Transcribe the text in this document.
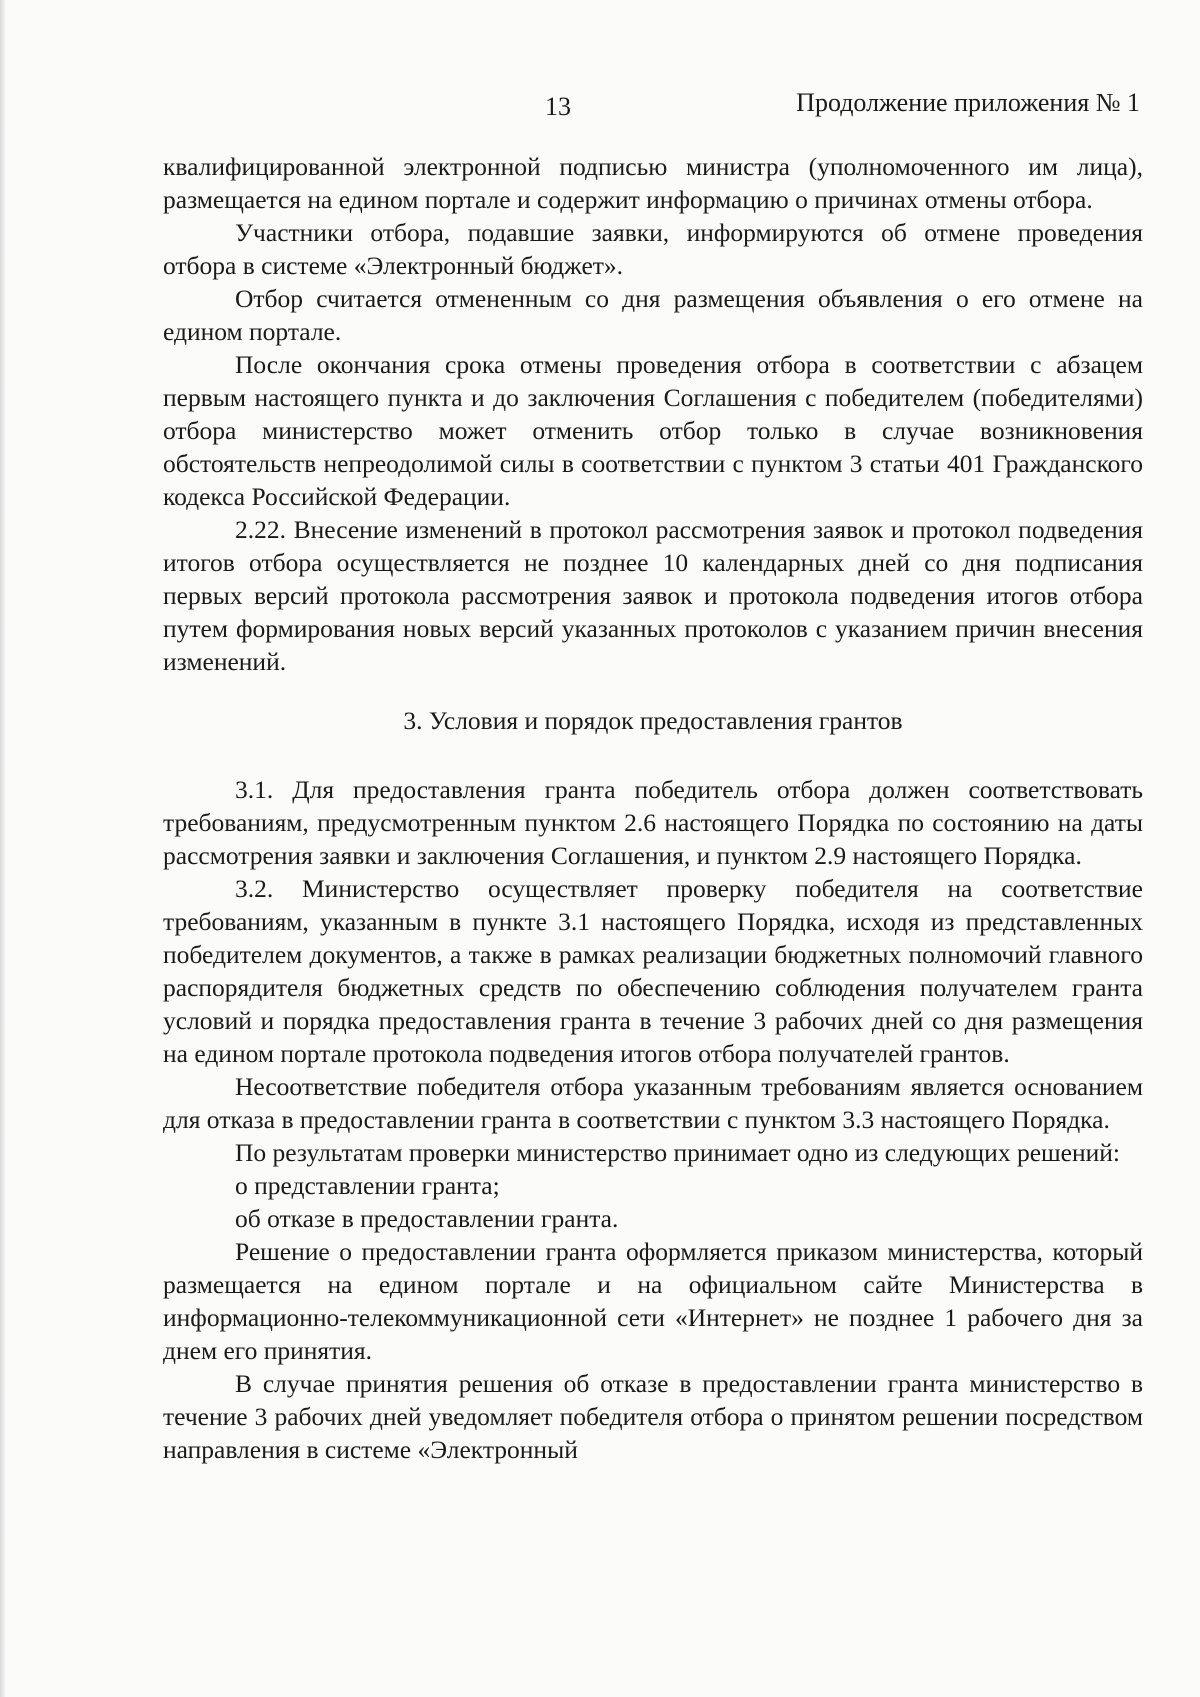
13	Продолжение приложения № 1

квалифицированной электронной подписью министра (уполномоченного им лица), размещается на едином портале и содержит информацию о причинах отмены отбора.

Участники отбора, подавшие заявки, информируются об отмене проведения отбора в системе «Электронный бюджет».

Отбор считается отмененным со дня размещения объявления о его отмене на едином портале.

После окончания срока отмены проведения отбора в соответствии с абзацем первым настоящего пункта и до заключения Соглашения с победителем (победителями) отбора министерство может отменить отбор только в случае возникновения обстоятельств непреодолимой силы в соответствии с пунктом 3 статьи 401 Гражданского кодекса Российской Федерации.

2.22. Внесение изменений в протокол рассмотрения заявок и протокол подведения итогов отбора осуществляется не позднее 10 календарных дней со дня подписания первых версий протокола рассмотрения заявок и протокола подведения итогов отбора путем формирования новых версий указанных протоколов с указанием причин внесения изменений.

3. Условия и порядок предоставления грантов

3.1. Для предоставления гранта победитель отбора должен соответствовать требованиям, предусмотренным пунктом 2.6 настоящего Порядка по состоянию на даты рассмотрения заявки и заключения Соглашения, и пунктом 2.9 настоящего Порядка.

3.2. Министерство осуществляет проверку победителя на соответствие требованиям, указанным в пункте 3.1 настоящего Порядка, исходя из представленных победителем документов, а также в рамках реализации бюджетных полномочий главного распорядителя бюджетных средств по обеспечению соблюдения получателем гранта условий и порядка предоставления гранта в течение 3 рабочих дней со дня размещения на едином портале протокола подведения итогов отбора получателей грантов.

Несоответствие победителя отбора указанным требованиям является основанием для отказа в предоставлении гранта в соответствии с пунктом 3.3 настоящего Порядка.

По результатам проверки министерство принимает одно из следующих решений:

о представлении гранта;

об отказе в предоставлении гранта.

Решение о предоставлении гранта оформляется приказом министерства, который размещается на едином портале и на официальном сайте Министерства в информационно-телекоммуникационной сети «Интернет» не позднее 1 рабочего дня за днем его принятия.

В случае принятия решения об отказе в предоставлении гранта министерство в течение 3 рабочих дней уведомляет победителя отбора о принятом решении посредством направления в системе «Электронный
